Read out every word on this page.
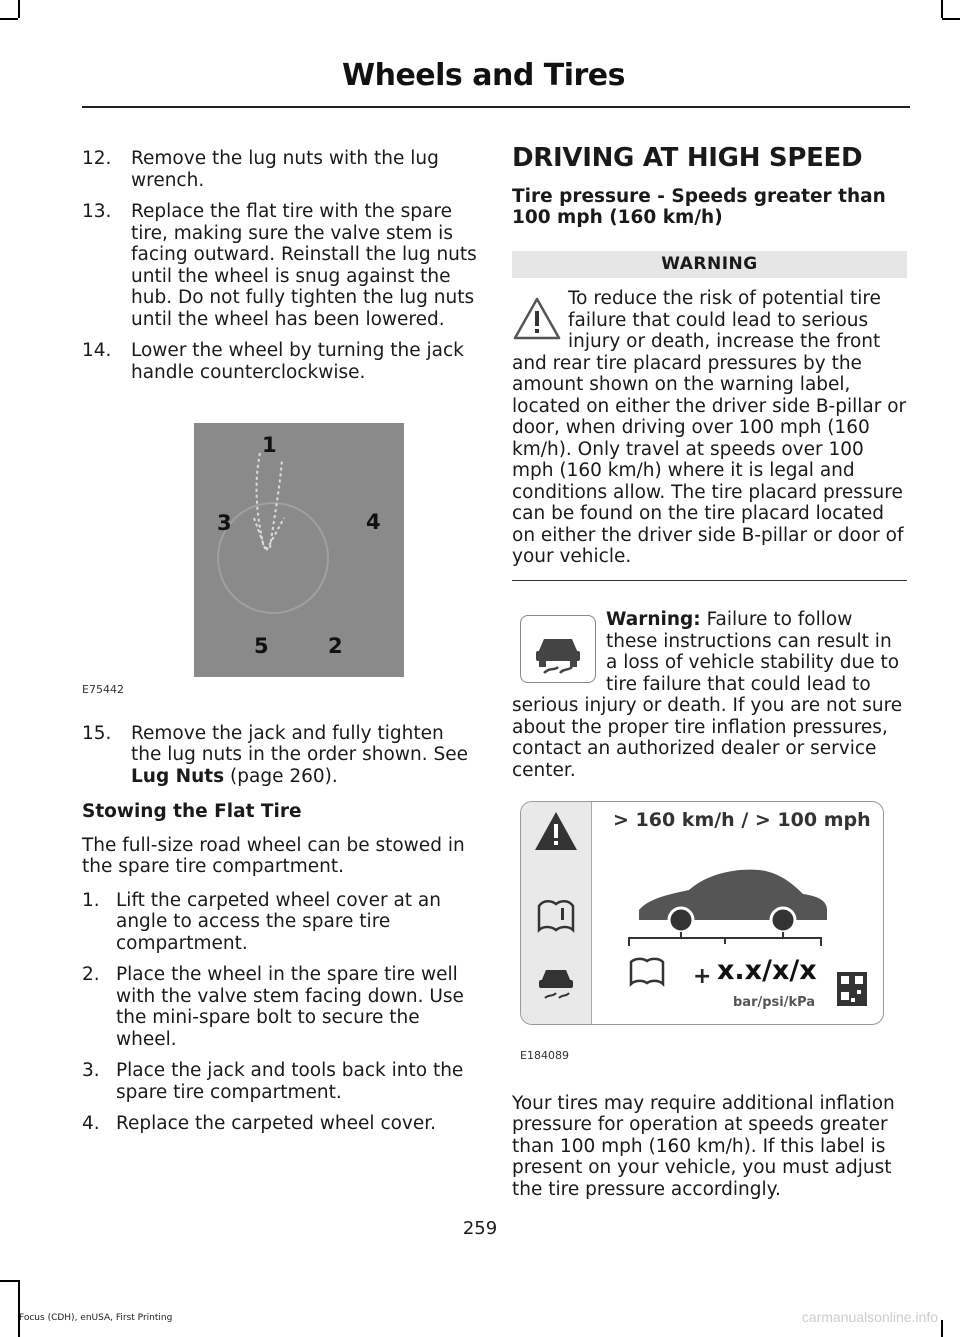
Wheels and Tires
12. Remove the lug nuts with the lug wrench.
13. Replace the flat tire with the spare tire, making sure the valve stem is facing outward. Reinstall the lug nuts until the wheel is snug against the hub. Do not fully tighten the lug nuts until the wheel has been lowered.
14. Lower the wheel by turning the jack handle counterclockwise.
1
4
3
5	2
E75442
15. Remove the jack and fully tighten the lug nuts in the order shown. See Lug Nuts (page 260).
Stowing the Flat Tire
The full-size road wheel can be stowed in the spare tire compartment.
1. Lift the carpeted wheel cover at an angle to access the spare tire compartment.
2. Place the wheel in the spare tire well with the valve stem facing down. Use the mini-spare bolt to secure the wheel.
3. Place the jack and tools back into the spare tire compartment.
4. Replace the carpeted wheel cover.
DRIVING AT HIGH SPEED
Tire pressure - Speeds greater than 100 mph (160 km/h)
WARNING
To reduce the risk of potential tire failure that could lead to serious injury or death, increase the front and rear tire placard pressures by the amount shown on the warning label, located on either the driver side B-pillar or door, when driving over 100 mph (160 km/h). Only travel at speeds over 100 mph (160 km/h) where it is legal and conditions allow. The tire placard pressure can be found on the tire placard located on either the driver side B-pillar or door of your vehicle.
Warning: Failure to follow these instructions can result in a loss of vehicle stability due to tire failure that could lead to serious injury or death. If you are not sure about the proper tire inflation pressures, contact an authorized dealer or service center.
> 160 km/h / > 100 mph
+ x.x/x/x
bar/psi/kPa
E184089
Your tires may require additional inflation pressure for operation at speeds greater than 100 mph (160 km/h). If this label is present on your vehicle, you must adjust the tire pressure accordingly.
259
Focus (CDH), enUSA, First Printing	carmanualsonline.info
